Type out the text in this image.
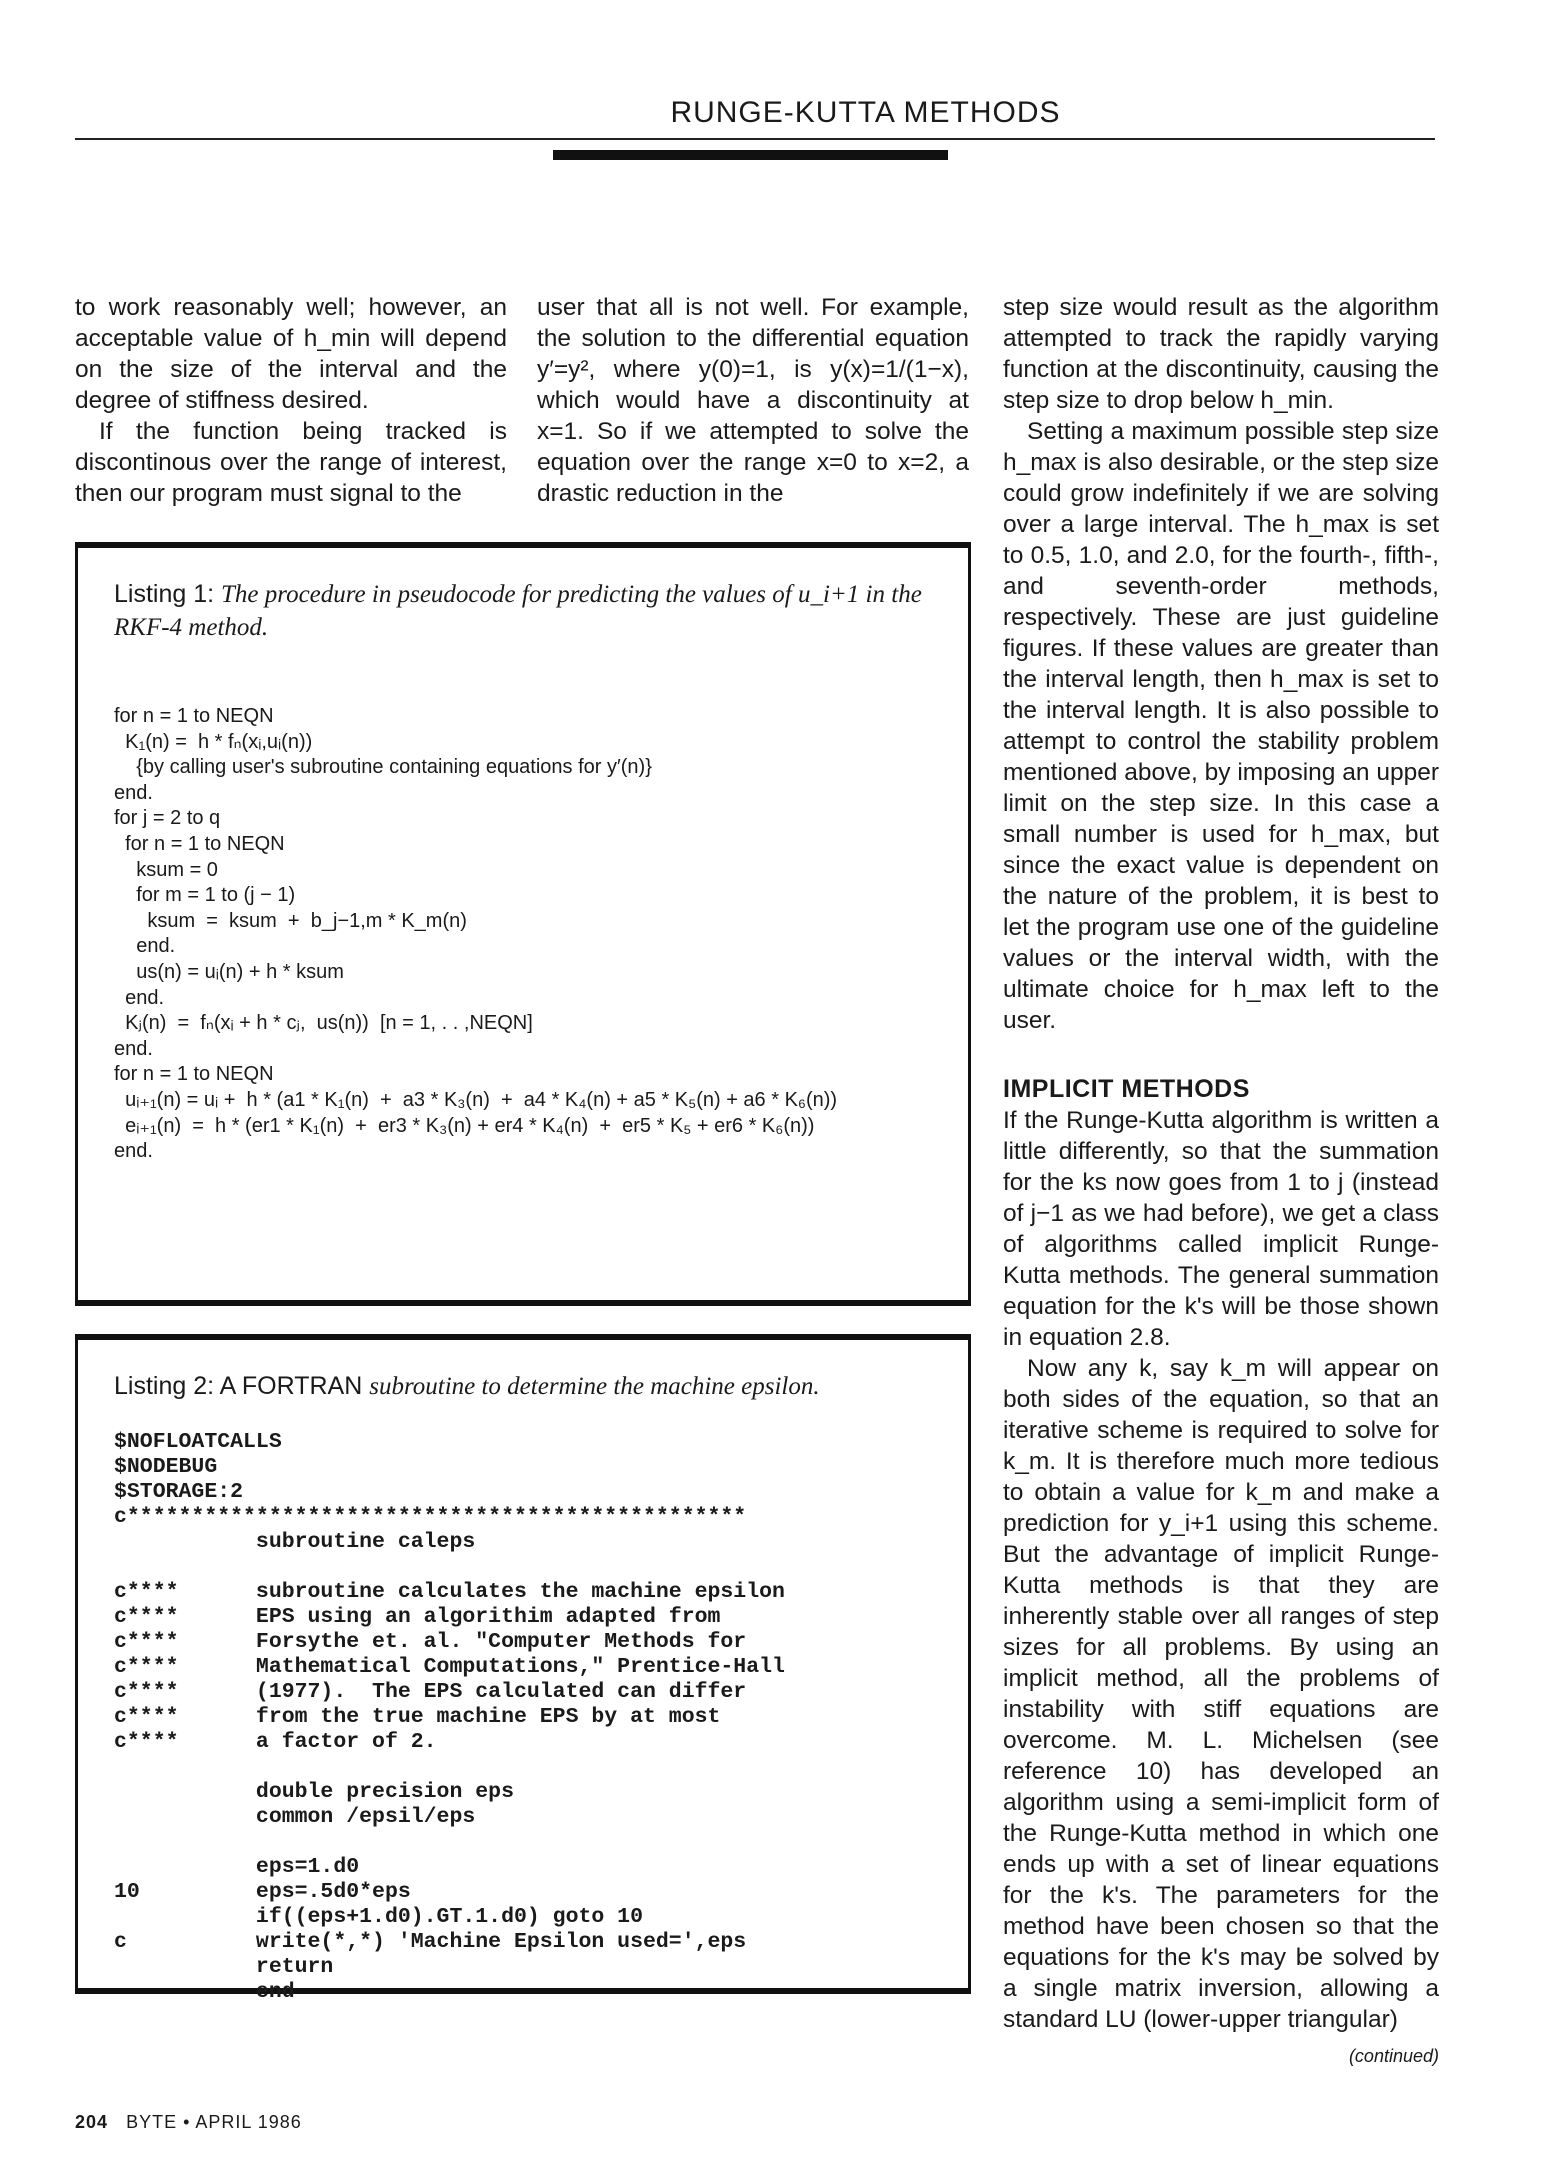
RUNGE-KUTTA METHODS

to work reasonably well; however, an acceptable value of h_min will depend on the size of the interval and the degree of stiffness desired.

If the function being tracked is discontinous over the range of interest, then our program must signal to the

user that all is not well. For example, the solution to the differential equation y′=y², where y(0)=1, is y(x)=1/(1−x), which would have a discontinuity at x=1. So if we attempted to solve the equation over the range x=0 to x=2, a drastic reduction in the

step size would result as the algorithm attempted to track the rapidly varying function at the discontinuity, causing the step size to drop below h_min.

Setting a maximum possible step size h_max is also desirable, or the step size could grow indefinitely if we are solving over a large interval. The h_max is set to 0.5, 1.0, and 2.0, for the fourth-, fifth-, and seventh-order methods, respectively. These are just guideline figures. If these values are greater than the interval length, then h_max is set to the interval length. It is also possible to attempt to control the stability problem mentioned above, by imposing an upper limit on the step size. In this case a small number is used for h_max, but since the exact value is dependent on the nature of the problem, it is best to let the program use one of the guideline values or the interval width, with the ultimate choice for h_max left to the user.

IMPLICIT METHODS

If the Runge-Kutta algorithm is written a little differently, so that the summation for the ks now goes from 1 to j (instead of j−1 as we had before), we get a class of algorithms called implicit Runge-Kutta methods. The general summation equation for the k's will be those shown in equation 2.8.

Now any k, say k_m will appear on both sides of the equation, so that an iterative scheme is required to solve for k_m. It is therefore much more tedious to obtain a value for k_m and make a prediction for y_i+1 using this scheme. But the advantage of implicit Runge-Kutta methods is that they are inherently stable over all ranges of step sizes for all problems. By using an implicit method, all the problems of instability with stiff equations are overcome. M. L. Michelsen (see reference 10) has developed an algorithm using a semi-implicit form of the Runge-Kutta method in which one ends up with a set of linear equations for the k's. The parameters for the method have been chosen so that the equations for the k's may be solved by a single matrix inversion, allowing a standard LU (lower-upper triangular)

(continued)
Listing 1: The procedure in pseudocode for predicting the values of u_i+1 in the RKF-4 method.
for n = 1 to NEQN
K₁(n) =  h * fₙ(xᵢ,uᵢ(n))
{by calling user's subroutine containing equations for y′(n)}
end.
for j = 2 to q
for n = 1 to NEQN
ksum = 0
for m = 1 to (j − 1)
ksum  =  ksum  +  b_j−1,m * K_m(n)
end.
us(n) = uᵢ(n) + h * ksum
end.
Kⱼ(n)  =  fₙ(xᵢ + h * cⱼ,  us(n))  [n = 1, . . ,NEQN]
end.
for n = 1 to NEQN
uᵢ₊₁(n) = uᵢ +  h * (a1 * K₁(n)  +  a3 * K₃(n)  +  a4 * K₄(n) + a5 * K₅(n) + a6 * K₆(n))
eᵢ₊₁(n)  =  h * (er1 * K₁(n)  +  er3 * K₃(n) + er4 * K₄(n)  +  er5 * K₅ + er6 * K₆(n))
end.
Listing 2: A FORTRAN subroutine to determine the machine epsilon.
$NOFLOATCALLS
$NODEBUG
$STORAGE:2
c************************************************
subroutine caleps

c****      subroutine calculates the machine epsilon
c****      EPS using an algorithim adapted from
c****      Forsythe et. al. "Computer Methods for
c****      Mathematical Computations," Prentice-Hall
c****      (1977).  The EPS calculated can differ
c****      from the true machine EPS by at most
c****      a factor of 2.

double precision eps
common /epsil/eps

eps=1.d0
10         eps=.5d0*eps
if((eps+1.d0).GT.1.d0) goto 10
c          write(*,*) 'Machine Epsilon used=',eps
return
end
204 BYTE • APRIL 1986
